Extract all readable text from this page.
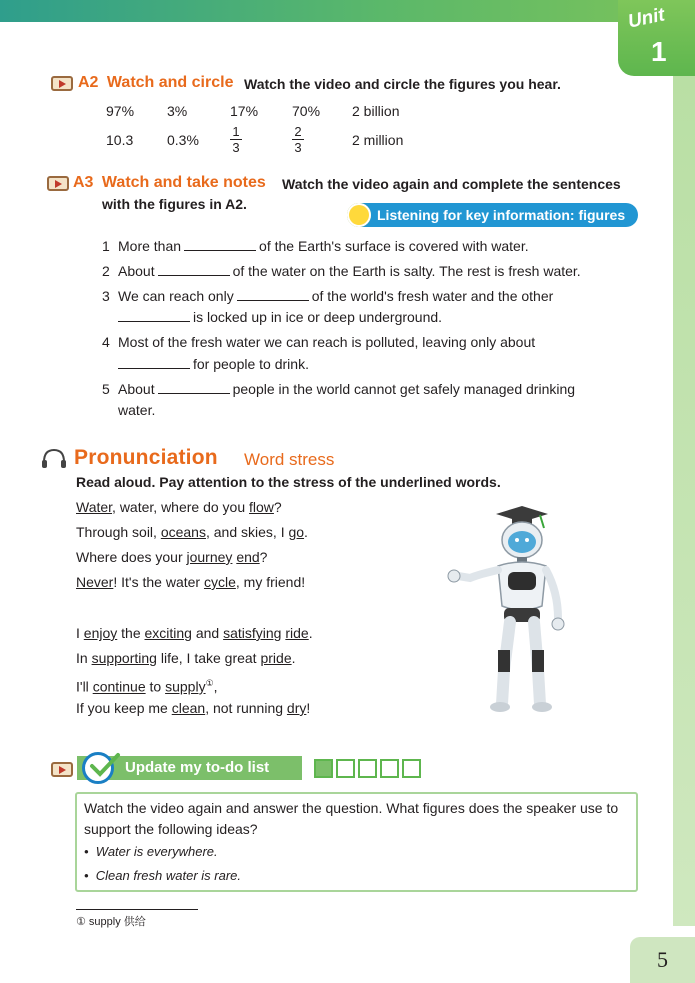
Unit
1
A2 Watch and circle Watch the video and circle the figures you hear.
97% 3%	17% 70% 2 billion
10.3 $0.3\% \frac{1}{3}$	$\frac{2}{3}$	2 million
A3 Watch and take notes Watch the video again and complete the sentences
with the figures in A2.
Listening for key information: figures
1 More than	of the Earth's surface is covered with water.
2 About	of the water on the Earth is salty. The rest is fresh water.
3 We can reach only	of the world's fresh water and the other
is locked up in ice or deep underground.
4 Most of the fresh water we can reach is polluted, leaving only about
for people to drink.
5 About	people in the world cannot get safely managed drinking
water.
Pronunciation Word stress
Read aloud. Pay attention to the stress of the underlined words.
Water, water, where do you flow?
Through soil, oceans, and skies, I go.
Where does your journey end?
Never! It's the water cycle, my friend!
I enjoy the exciting and satisfying ride.
In supporting life, I take great pride.
I'll continue to supply①,
If you keep me clean, not running dry!
Update my to-do list
Watch the video again and answer the question. What figures does the speaker use to support the following ideas?
•  Water is everywhere.
•  Clean fresh water is rare.
① supply 供给
5
